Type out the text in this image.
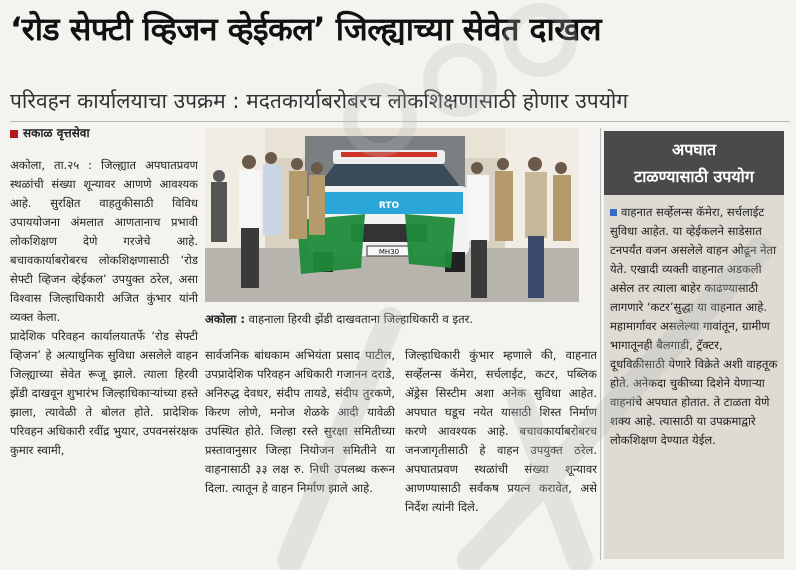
‘रोड सेफ्टी व्हिजन व्हेईकल’ जिल्ह्याच्या सेवेत दाखल
परिवहन कार्यालयाचा उपक्रम : मदतकार्याबरोबरच लोकशिक्षणासाठी होणार उपयोग
सकाळ वृत्तसेवा

अकोला, ता.२५ : जिल्ह्यात अपघातप्रवण स्थळांची संख्या शून्यावर आणणे आवश्यक आहे. सुरक्षित वाहतुकीसाठी विविध उपाययोजना अंमलात आणतानाच प्रभावी लोकशिक्षण देणे गरजेचे आहे. बचावकार्याबरोबरच लोकशिक्षणासाठी ‘रोड सेफ्टी व्हिजन व्हेईकल’ उपयुक्त ठरेल, असा विश्वास जिल्हाधिकारी अजित कुंभार यांनी व्यक्त केला.

प्रादेशिक परिवहन कार्यालयातर्फे ‘रोड सेफ्टी व्हिजन’ हे अत्याधुनिक सुविधा असलेले वाहन जिल्ह्याच्या सेवेत रूजू झाले. त्याला हिरवी झेंडी दाखवून शुभारंभ जिल्हाधिकाऱ्यांच्या हस्ते झाला, त्यावेळी ते बोलत होते. प्रादेशिक परिवहन अधिकारी रवींद्र भुयार, उपवनसंरक्षक कुमार स्वामी,

RTO
MH30
अकोला : वाहनाला हिरवी झेंडी दाखवताना जिल्हाधिकारी व इतर.

सार्वजनिक बांधकाम अभियंता प्रसाद पाटील, उपप्रादेशिक परिवहन अधिकारी गजानन दराडे, अनिरुद्ध देवधर, संदीप तायडे, संदीप तुरकणे, किरण लोणे, मनोज शेळके आदी यावेळी उपस्थित होते. जिल्हा रस्ते सुरक्षा समितीच्या प्रस्तावानुसार जिल्हा नियोजन समितीने या वाहनासाठी ३३ लक्ष रु. निधी उपलब्ध करून दिला. त्यातून हे वाहन निर्माण झाले आहे.

जिल्हाधिकारी कुंभार म्हणाले की, वाहनात सर्व्हेलन्स कॅमेरा, सर्चलाईट, कटर, पब्लिक ॲड्रेस सिस्टीम अशा अनेक सुविधा आहेत. अपघात घडूच नयेत यासाठी शिस्त निर्माण करणे आवश्यक आहे. बचावकार्याबरोबरच जनजागृतीसाठी हे वाहन उपयुक्त ठरेल. अपघातप्रवण स्थळांची संख्या शून्यावर आणण्यासाठी सर्वंकष प्रयत्न करावेत, असे निर्देश त्यांनी दिले.

अपघात
टाळण्यासाठी उपयोग
वाहनात सर्व्हेलन्स कॅमेरा, सर्चलाईट सुविधा आहेत. या व्हेईकलने साडेसात टनपर्यंत वजन असलेले वाहन ओढून नेता येते. एखादी व्यक्ती वाहनात अडकली असेल तर त्याला बाहेर काढण्यासाठी लागणारे ‘कटर’सुद्धा या वाहनात आहे. महामार्गावर असलेल्या गावांतून, ग्रामीण भागातूनही बैलगाडी, ट्रॅक्टर, दूधविक्रीसाठी येणारे विक्रेते अशी वाहतूक होते. अनेकदा चुकीच्या दिशेने येणाऱ्या वाहनांचे अपघात होतात. ते टाळता येणे शक्य आहे. त्यासाठी या उपक्रमाद्वारे लोकशिक्षण देण्यात येईल.
